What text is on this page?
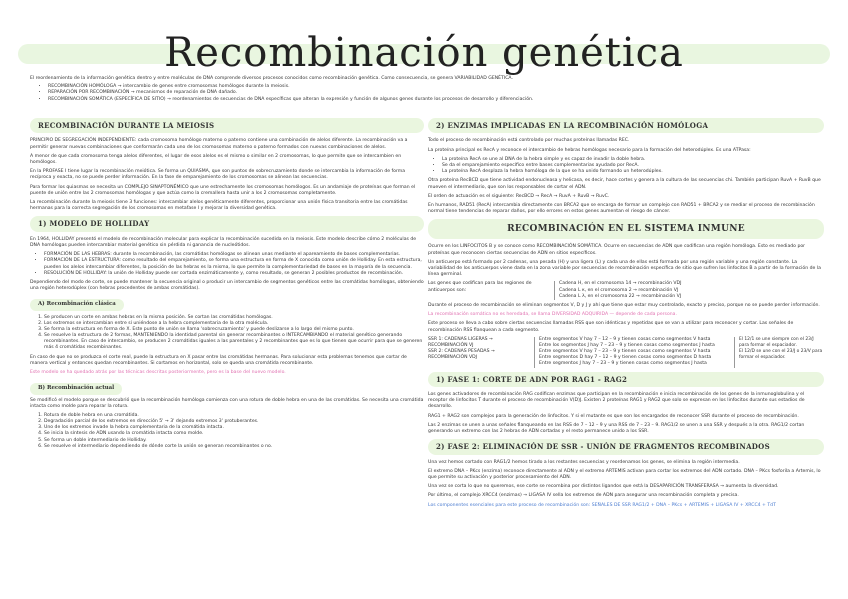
Recombinación genética

El reordenamiento de la información genética dentro y entre moléculas de DNA comprende diversos procesos conocidos como recombinación genética. Como consecuencia, se genera VARIABILIDAD GENÉTICA.

• RECOMBINACIÓN HOMÓLOGA → intercambio de genes entre cromosomas homólogos durante la meiosis.
• REPARACIÓN POR RECOMBINACIÓN → mecanismos de reparación de DNA dañado.
• RECOMBINACIÓN SOMÁTICA (ESPECÍFICA DE SITIO) → reordenamientos de secuencias de DNA específicas que alteran la expresión y función de algunos genes durante los procesos de desarrollo y diferenciación.
RECOMBINACIÓN DURANTE LA MEIOSIS

PRINCIPIO DE SEGREGACIÓN INDEPENDIENTE: cada cromosoma homólogo materno o paterno contiene una combinación de alelos diferente. La recombinación va a permitir generar nuevas combinaciones que conformarán cada uno de los cromosomas materno o paterno formados con nuevas combinaciones de alelos.

A menor de que cada cromosoma tenga alelos diferentes, el lugar de esos alelos es el mismo o similar en 2 cromosomas, lo que permite que se intercambien en homólogos.

En la PROFASE I tiene lugar la recombinación meiótica. Se forma un QUIASMA, que son puntos de sobrecruzamiento donde se intercambia la información de forma recíproca y exacta, no se puede perder información. En la fase de emparejamiento de los cromosomas se alinean las secuencias.

Para formar los quiasmas se necesita un COMPLEJO SINAPTONÉMICO que une estrechamente los cromosomas homólogos. Es un andamiaje de proteínas que forman el puente de unión entre las 2 cromosomas homólogas y que actúa como la cremallera hasta unir a los 2 cromosomas completamente.

La recombinación durante la meiosis tiene 3 funciones: intercambiar alelos genéticamente diferentes, proporcionar una unión física transitoria entre las cromátidas hermanas para la correcta segregación de los cromosomas en metafase I y mejorar la diversidad genética.

1) MODELO DE HOLLIDAY

En 1964, HOLLIDAY presentó el modelo de recombinación molecular para explicar la recombinación sucedida en la meiosis. Este modelo describe cómo 2 moléculas de DNA homólogas pueden intercambiar material genético sin pérdida ni ganancia de nucleótidos.

• FORMACIÓN DE LAS HEBRAS: durante la recombinación, las cromátidas homólogas se alinean unas mediante el apareamiento de bases complementarias.
• FORMACIÓN DE LA ESTRUCTURA: como resultado del emparejamiento, se forma una estructura en forma de X conocida como unión de Holliday. En esta estructura, pueden los alelos intercambiar diferentes, la posición de las hebras es la misma, lo que permite la complementariedad de bases en la mayoría de la secuencia.
• RESOLUCIÓN DE HOLLIDAY: la unión de Holliday puede ser cortada enzimáticamente y, como resultado, se generan 2 posibles productos de recombinación.

Dependiendo del modo de corte, se puede mantener la secuencia original o producir un intercambio de segmentos genéticos entre las cromátidas homólogas, obteniendo una región heterodúplex (con hebras procedentes de ambas cromátidas).

A) Recombinación clásica
1. Se producen un corte en ambas hebras en la misma posición. Se cortan las cromátidas homólogas.
2. Los extremos se intercambian entre sí uniéndose a la hebra complementaria de la otra molécula.
3. Se forma la estructura en forma de X. Este punto de unión se llama 'sobrecruzamiento' y puede deslizarse a lo largo del mismo punto.
4. Se resuelve la estructura de 2 formas, MANTENIENDO la identidad parental sin generar recombinantes o INTERCAMBIANDO el material genético generando recombinantes. En caso de intercambio, se producen 2 cromátidas iguales a las parentales y 2 recombinantes que es lo que tienen que ocurrir para que se generen más 4 cromátidas recombinantes.

En caso de que no se produzca el corte real, puede la estructura en X pasar entre las cromátidas hermanas. Para solucionar esta problemas tenemos que cortar de manera vertical y entonces quedan recombinantes. Si cortamos en horizontal, solo se queda una cromátida recombinante.

Este modelo se ha quedado atrás por las técnicas descritas posteriormente, pero es la base del nuevo modelo.

B) Recombinación actual

Se modificó el modelo porque se descubrió que la recombinación homóloga comienza con una rotura de doble hebra en una de las cromátidas. Se necesita una cromátida intacta como molde para reparar la rotura.

1. Rotura de doble hebra en una cromátida.
2. Degradación parcial de los extremos en dirección 5' → 3' dejando extremos 3' protuberantes.
3. Uno de los extremos invade la hebra complementaria de la cromátida intacta.
4. Se inicia la síntesis de ADN usando la cromátida intacta como molde.
5. Se forma un doble intermediario de Holliday.
6. Se resuelve el intermediario dependiendo de dónde corte la unión se generan recombinantes o no.
2) ENZIMAS IMPLICADAS EN LA RECOMBINACIÓN HOMÓLOGA

Todo el proceso de recombinación está controlado por muchas proteínas llamadas REC.

La proteína principal es RecA y reconoce el intercambio de hebras homólogas necesario para la formación del heterodúplex. Es una ATPasa:

• La proteína RecA se une al DNA de la hebra simple y es capaz de invadir la doble hebra.
• Se da el emparejamiento específico entre bases complementarias ayudado por RecA.
• La proteína RecA desplaza la hebra homóloga de la que se ha unido formando un heterodúplex.

Otra proteína RecBCD que tiene actividad endonucleasa y helicasa, es decir, hace cortes y genera a la cultura de las secuencias chi. También participan RuvA + RuvB que mueven el intermediario, que son los responsables de cortar el ADN.

El orden de actuación es el siguiente: RecBCD → RecA → RuvA + RuvB → RuvC.

En humanos, RAD51 (RecA) intercambia directamente con BRCA2 que se encarga de formar un complejo con RAD51 + BRCA2 y se mediar el proceso de recombinación normal tiene tendencias de reparar daños, por ello errores en estos genes aumentan el riesgo de cáncer.

RECOMBINACIÓN EN EL SISTEMA INMUNE

Ocurre en los LINFOCITOS B y se conoce como RECOMBINACIÓN SOMÁTICA. Ocurre en secuencias de ADN que codifican una región homóloga. Esto es mediado por proteínas que reconocen ciertas secuencias de ADN en sitios específicos.

Un anticuerpo está formado por 2 cadenas, una pesada (H) y una ligera (L) y cada una de ellas está formada por una región variable y una región constante. La variabilidad de los anticuerpos viene dada en la zona variable por secuencias de recombinación específica de sitio que sufren los linfocitos B a partir de la formación de la línea germinal.

Los genes que codifican para las regiones de anticuerpos son:
Cadena H, en el cromosoma 14 → recombinación VDJ
Cadena L κ, en el cromosoma 2 → recombinación VJ
Cadena L λ, en el cromosoma 22 → recombinación VJ

Durante el proceso de recombinación se eliminan segmentos V, D y J y ahí que tiene que estar muy controlado, exacto y preciso, porque no se puede perder información.

La recombinación somática no es heredada, se llama DIVERSIDAD ADQUIRIDA — depende de cada persona.

Este proceso se lleva a cabo sobre ciertas secuencias llamadas RSS que son idénticas y repetidas que se van a utilizar para reconocer y cortar. Las señales de recombinación RSS flanquean a cada segmento.

SSR 1: CADENAS LIGERAS → RECOMBINACIÓN VJ
SSR 2: CADENAS PESADAS → RECOMBINACIÓN VDJ
Entre segmentos V hay 7 – 12 – 9 y tienen cosas como segmentos V hasta
Entre los segmentos J hay 7 – 23 – 9 y tienen cosas como segmentos J hasta
Entre segmentos V hay 7 – 23 – 9 y tienen cosas como segmentos V hasta
Entre segmentos D hay 7 – 12 – 9 y tienen cosas como segmentos D hasta
Entre segmentos J hay 7 – 23 – 9 y tienen cosas como segmentos J hasta
El 12/1 se une siempre con el 23/J para formar el espaciador.
El 12/D se une con el 23/J o 23/V para formar el espaciador.
1) FASE 1: CORTE DE ADN POR RAG1 - RAG2

Los genes activadores de recombinación RAG codifican enzimas que participan en la recombinación e inicia recombinación de los genes de la inmunoglobulina y el receptor de linfocitos T durante el proceso de recombinación V(D)J. Existen 2 proteínas RAG1 y RAG2 que solo se expresan en los linfocitos durante sus estadios de desarrollo.

RAG1 + RAG2 son complejos para la generación de linfocitos. Y si el mutante es que son los encargados de reconocer SSR durante el proceso de recombinación.

Las 2 enzimas se unen a unas señales flanqueando en las RSS de 7 – 12 – 9 y una RSS de 7 – 23 – 9. RAG1/2 se unen a una SSR y después a la otra. RAG1/2 cortan generando un extremo con las 2 hebras de ADN cortadas y el resto permanece unido a los SSR.

2) FASE 2: ELIMINACIÓN DE SSR - UNIÓN DE FRAGMENTOS RECOMBINADOS

Una vez hemos cortado con RAG1/2 hemos tirado a los restantes secuencias y reordenamos los genes, se elimina la región intermedia.

El extremo DNA – PKcs (enzima) reconoce directamente al ADN y el extremo ARTEMIS activan para cortar los extremos del ADN cortado. DNA – PKcs fosforila a Artemis, lo que permite su activación y posterior procesamiento del ADN.

Una vez se corta lo que no queremos, ese corte se recombina por distintos ligandos que está la DESAPARICIÓN TRANSFERASA → aumenta la diversidad.

Por último, el complejo XRCC4 (enzimas) → LIGASA IV sella los extremos de ADN para asegurar una recombinación completa y precisa.

Los componentes esenciales para este proceso de recombinación son: SEÑALES DE SSR RAG1/2 + DNA – PKcs + ARTEMIS + LIGASA IV + XRCC4 + TdT
